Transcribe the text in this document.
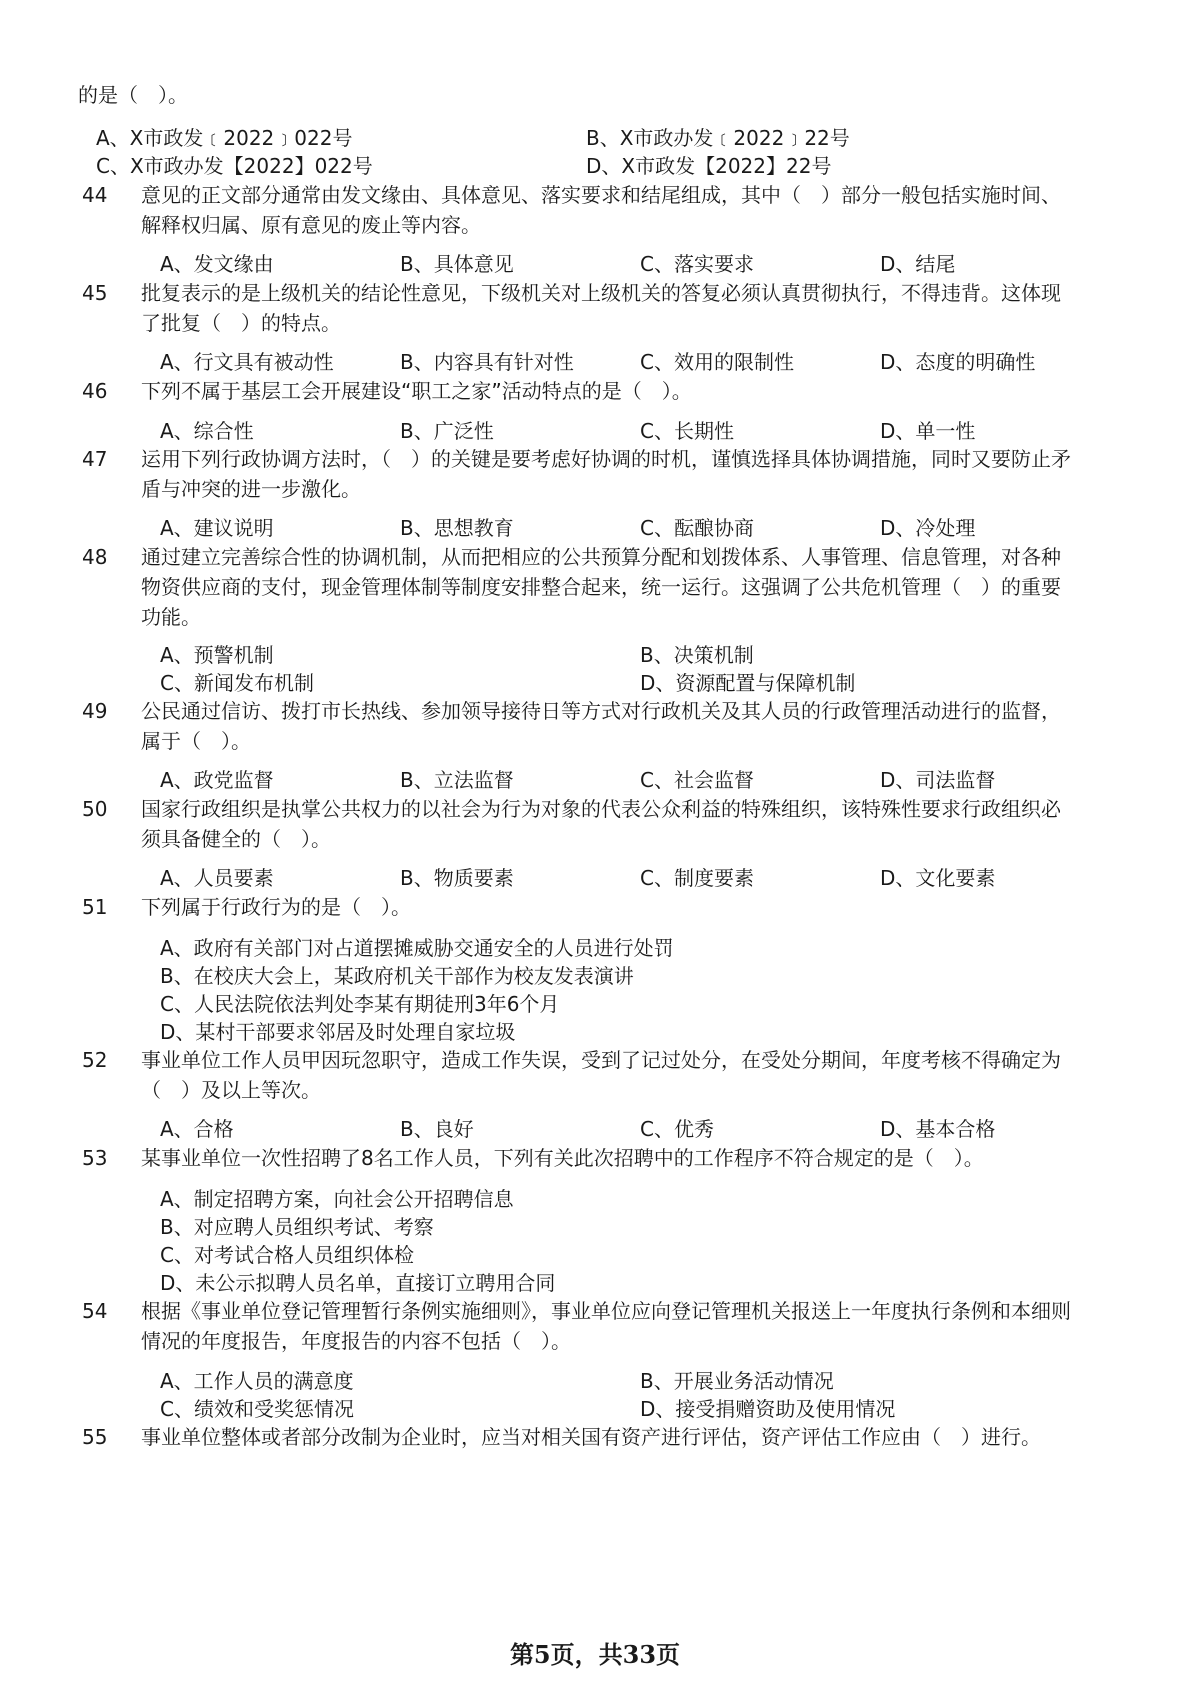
的是（　）。
A、X市政发﹝2022﹞022号	B、X市政办发﹝2022﹞22号
C、X市政办发【2022】022号	D、X市政发【2022】22号
44	意见的正文部分通常由发文缘由、具体意见、落实要求和结尾组成，其中（　）部分一般包括实施时间、解释权归属、原有意见的废止等内容。
A、发文缘由	B、具体意见	C、落实要求	D、结尾
45	批复表示的是上级机关的结论性意见，下级机关对上级机关的答复必须认真贯彻执行，不得违背。这体现了批复（　）的特点。
A、行文具有被动性	B、内容具有针对性	C、效用的限制性	D、态度的明确性
46	下列不属于基层工会开展建设“职工之家”活动特点的是（　）。
A、综合性	B、广泛性	C、长期性	D、单一性
47	运用下列行政协调方法时，（　）的关键是要考虑好协调的时机，谨慎选择具体协调措施，同时又要防止矛盾与冲突的进一步激化。
A、建议说明	B、思想教育	C、酝酿协商	D、冷处理
48	通过建立完善综合性的协调机制，从而把相应的公共预算分配和划拨体系、人事管理、信息管理，对各种物资供应商的支付，现金管理体制等制度安排整合起来，统一运行。这强调了公共危机管理（　）的重要功能。
A、预警机制	B、决策机制
C、新闻发布机制	D、资源配置与保障机制
49	公民通过信访、拨打市长热线、参加领导接待日等方式对行政机关及其人员的行政管理活动进行的监督，属于（　）。
A、政党监督	B、立法监督	C、社会监督	D、司法监督
50	国家行政组织是执掌公共权力的以社会为行为对象的代表公众利益的特殊组织，该特殊性要求行政组织必须具备健全的（　）。
A、人员要素	B、物质要素	C、制度要素	D、文化要素
51	下列属于行政行为的是（　）。
A、政府有关部门对占道摆摊威胁交通安全的人员进行处罚
B、在校庆大会上，某政府机关干部作为校友发表演讲
C、人民法院依法判处李某有期徒刑3年6个月
D、某村干部要求邻居及时处理自家垃圾
52	事业单位工作人员甲因玩忽职守，造成工作失误，受到了记过处分，在受处分期间，年度考核不得确定为（　）及以上等次。
A、合格	B、良好	C、优秀	D、基本合格
53	某事业单位一次性招聘了8名工作人员，下列有关此次招聘中的工作程序不符合规定的是（　）。
A、制定招聘方案，向社会公开招聘信息
B、对应聘人员组织考试、考察
C、对考试合格人员组织体检
D、未公示拟聘人员名单，直接订立聘用合同
54	根据《事业单位登记管理暂行条例实施细则》，事业单位应向登记管理机关报送上一年度执行条例和本细则情况的年度报告，年度报告的内容不包括（　）。
A、工作人员的满意度	B、开展业务活动情况
C、绩效和受奖惩情况	D、接受捐赠资助及使用情况
55	事业单位整体或者部分改制为企业时，应当对相关国有资产进行评估，资产评估工作应由（　）进行。
第5页，共33页
